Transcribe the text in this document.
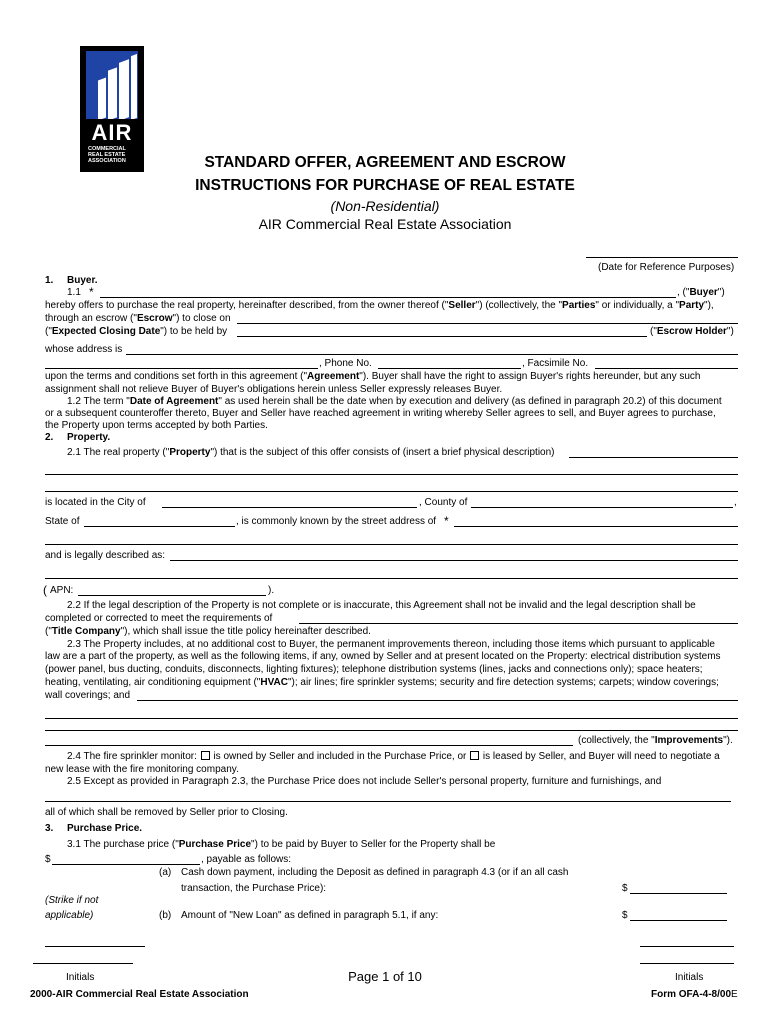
AIR
COMMERCIAL
REAL ESTATE
ASSOCIATION	STANDARD OFFER, AGREEMENT AND ESCROW
INSTRUCTIONS FOR PURCHASE OF REAL ESTATE
(Non-Residential)
AIR Commercial Real Estate Association
(Date for Reference Purposes)
1. Buyer.
1.1 *	, ("Buyer")
hereby offers to purchase the real property, hereinafter described, from the owner thereof ("Seller") (collectively, the "Parties" or individually, a "Party"),
through an escrow ("Escrow") to close on
("Expected Closing Date") to be held by	("Escrow Holder")
whose address is
, Phone No.	, Facsimile No.
upon the terms and conditions set forth in this agreement ("Agreement"). Buyer shall have the right to assign Buyer's rights hereunder, but any such
assignment shall not relieve Buyer of Buyer's obligations herein unless Seller expressly releases Buyer.
1.2 The term "Date of Agreement" as used herein shall be the date when by execution and delivery (as defined in paragraph 20.2) of this document
or a subsequent counteroffer thereto, Buyer and Seller have reached agreement in writing whereby Seller agrees to sell, and Buyer agrees to purchase,
the Property upon terms accepted by both Parties.
2. Property.
2.1 The real property ("Property") that is the subject of this offer consists of (insert a brief physical description)
is located in the City of	, County of	,
State of	, is commonly known by the street address of *
and is legally described as:
( APN:	).
2.2 If the legal description of the Property is not complete or is inaccurate, this Agreement shall not be invalid and the legal description shall be
completed or corrected to meet the requirements of
("Title Company"), which shall issue the title policy hereinafter described.
2.3 The Property includes, at no additional cost to Buyer, the permanent improvements thereon, including those items which pursuant to applicable
law are a part of the property, as well as the following items, if any, owned by Seller and at present located on the Property: electrical distribution systems
(power panel, bus ducting, conduits, disconnects, lighting fixtures); telephone distribution systems (lines, jacks and connections only); space heaters;
heating, ventilating, air conditioning equipment ("HVAC"); air lines; fire sprinkler systems; security and fire detection systems; carpets; window coverings;
wall coverings; and
(collectively, the "Improvements").
2.4 The fire sprinkler monitor: is owned by Seller and included in the Purchase Price, or is leased by Seller, and Buyer will need to negotiate a
new lease with the fire monitoring company.
2.5 Except as provided in Paragraph 2.3, the Purchase Price does not include Seller's personal property, furniture and furnishings, and
all of which shall be removed by Seller prior to Closing.
3. Purchase Price.
3.1 The purchase price ("Purchase Price") to be paid by Buyer to Seller for the Property shall be
$	, payable as follows:
(a) Cash down payment, including the Deposit as defined in paragraph 4.3 (or if an all cash
transaction, the Purchase Price):	$
(Strike if not
applicable)	(b) Amount of "New Loan" as defined in paragraph 5.1, if any:	$
Initials	Page 1 of 10	Initials
2000-AIR Commercial Real Estate Association	Form OFA-4-8/00E
